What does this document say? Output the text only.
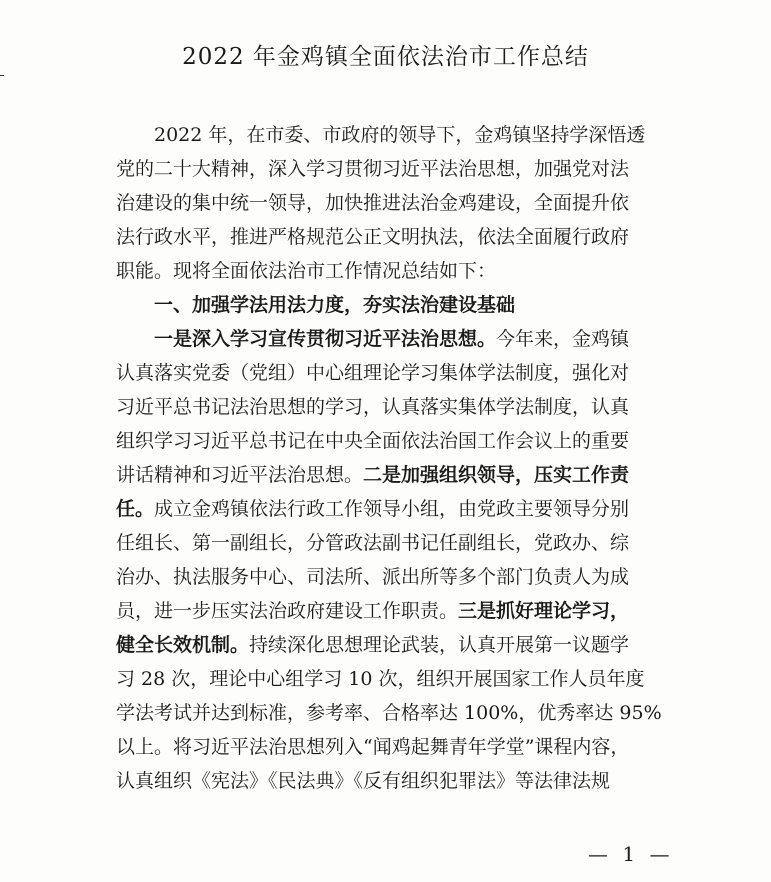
2022 年金鸡镇全面依法治市工作总结
2022 年，在市委、市政府的领导下，金鸡镇坚持学深悟透
党的二十大精神，深入学习贯彻习近平法治思想，加强党对法
治建设的集中统一领导，加快推进法治金鸡建设，全面提升依
法行政水平，推进严格规范公正文明执法，依法全面履行政府
职能。现将全面依法治市工作情况总结如下：
一、加强学法用法力度，夯实法治建设基础
一是深入学习宣传贯彻习近平法治思想。今年来，金鸡镇
认真落实党委（党组）中心组理论学习集体学法制度，强化对
习近平总书记法治思想的学习，认真落实集体学法制度，认真
组织学习习近平总书记在中央全面依法治国工作会议上的重要
讲话精神和习近平法治思想。二是加强组织领导，压实工作责
任。成立金鸡镇依法行政工作领导小组，由党政主要领导分别
任组长、第一副组长，分管政法副书记任副组长，党政办、综
治办、执法服务中心、司法所、派出所等多个部门负责人为成
员，进一步压实法治政府建设工作职责。三是抓好理论学习，
健全长效机制。持续深化思想理论武装，认真开展第一议题学
习 28 次，理论中心组学习 10 次，组织开展国家工作人员年度
学法考试并达到标准，参考率、合格率达 100%，优秀率达 95%
以上。将习近平法治思想列入“闻鸡起舞青年学堂”课程内容，
认真组织《宪法》《民法典》《反有组织犯罪法》等法律法规
— 1 —
